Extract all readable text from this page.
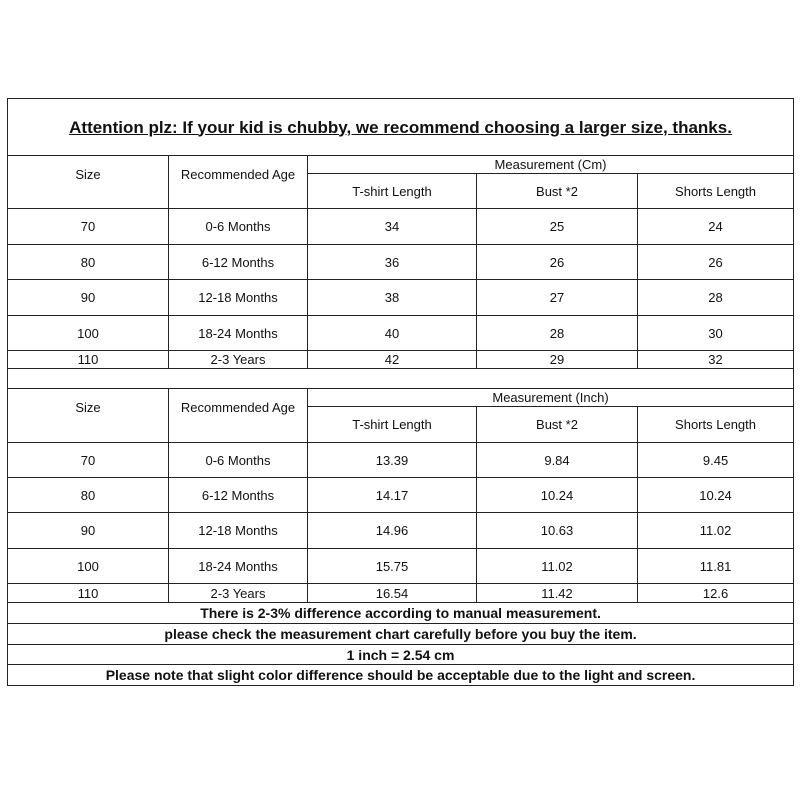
Attention plz: If your kid is chubby, we recommend choosing a larger size, thanks.				
Size	Recommended Age	Measurement (Cm)		
		T-shirt Length	Bust *2	Shorts Length
70	0-6 Months	34	25	24
80	6-12 Months	36	26	26
90	12-18 Months	38	27	28
100	18-24 Months	40	28	30
110	2-3 Years	42	29	32

Size	Recommended Age	Measurement (Inch)		
		T-shirt Length	Bust *2	Shorts Length
70	0-6 Months	13.39	9.84	9.45
80	6-12 Months	14.17	10.24	10.24
90	12-18 Months	14.96	10.63	11.02
100	18-24 Months	15.75	11.02	11.81
110	2-3 Years	16.54	11.42	12.6
There is 2-3% difference according to manual measurement.				
please check the measurement chart carefully before you buy the item.				
1 inch = 2.54 cm				
Please note that slight color difference should be acceptable due to the light and screen.				
